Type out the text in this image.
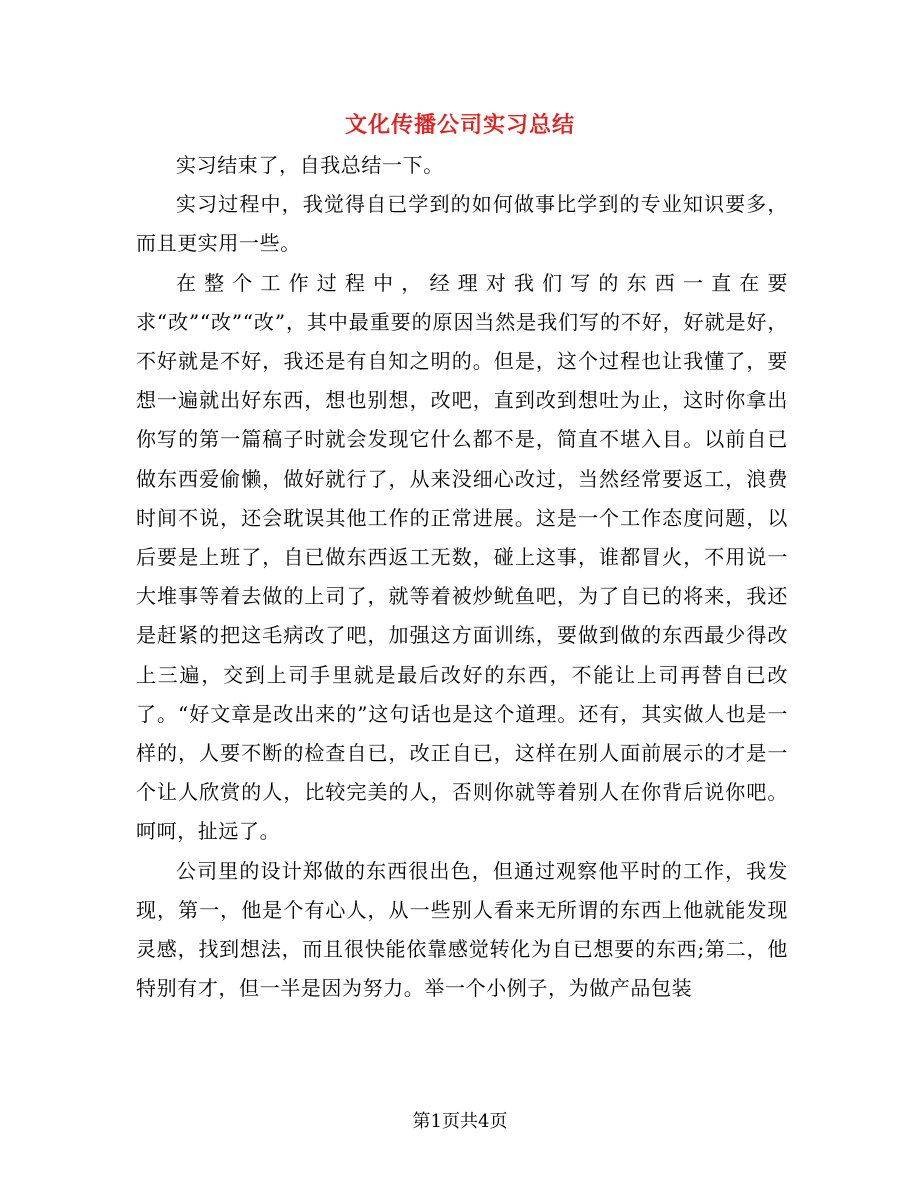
文化传播公司实习总结

实习结束了，自我总结一下。

实习过程中，我觉得自已学到的如何做事比学到的专业知识要多，而且更实用一些。

在整个工作过程中，经理对我们写的东西一直在要求“改”“改”“改”，其中最重要的原因当然是我们写的不好，好就是好，不好就是不好，我还是有自知之明的。但是，这个过程也让我懂了，要想一遍就出好东西，想也别想，改吧，直到改到想吐为止，这时你拿出你写的第一篇稿子时就会发现它什么都不是，简直不堪入目。以前自已做东西爱偷懒，做好就行了，从来没细心改过，当然经常要返工，浪费时间不说，还会耽误其他工作的正常进展。这是一个工作态度问题，以后要是上班了，自已做东西返工无数，碰上这事，谁都冒火，不用说一大堆事等着去做的上司了，就等着被炒鱿鱼吧，为了自已的将来，我还是赶紧的把这毛病改了吧，加强这方面训练，要做到做的东西最少得改上三遍，交到上司手里就是最后改好的东西，不能让上司再替自已改了。“好文章是改出来的”这句话也是这个道理。还有，其实做人也是一样的，人要不断的检查自已，改正自已，这样在别人面前展示的才是一个让人欣赏的人，比较完美的人，否则你就等着别人在你背后说你吧。呵呵，扯远了。

公司里的设计郑做的东西很出色，但通过观察他平时的工作，我发现，第一，他是个有心人，从一些别人看来无所谓的东西上他就能发现灵感，找到想法，而且很快能依靠感觉转化为自已想要的东西;第二，他特别有才，但一半是因为努力。举一个小例子，为做产品包装

第1页共4页
